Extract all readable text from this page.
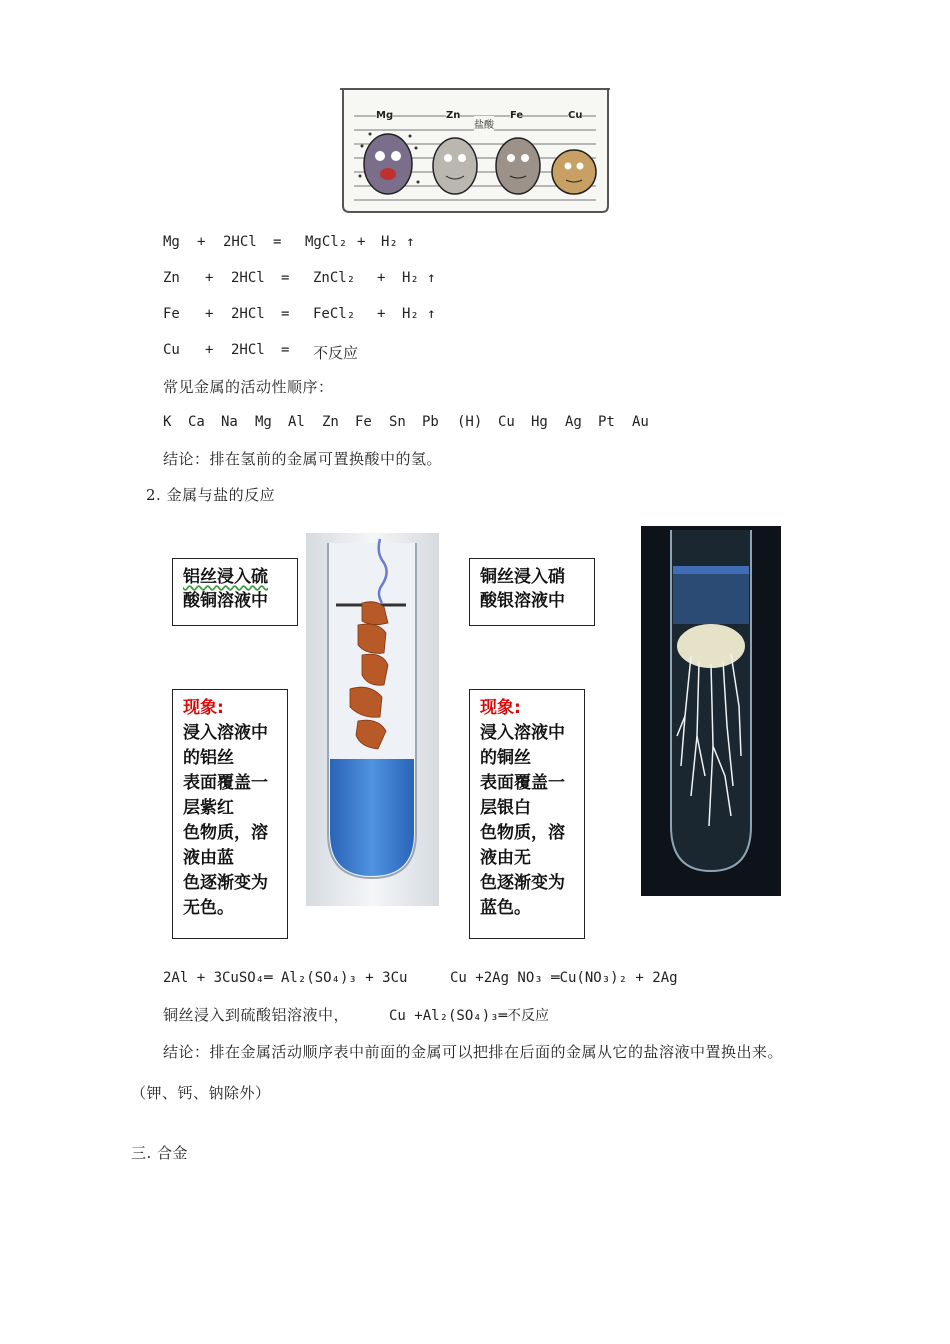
Mg	Zn
盐酸
Fe	Cu
Mg + 2HCl = MgCl₂ + H₂ ↑
Zn + 2HCl = ZnCl₂ + H₂ ↑
Fe + 2HCl = FeCl₂ + H₂ ↑
Cu + 2HCl = 不反应
常见金属的活动性顺序：
K Ca Na Mg Al Zn Fe Sn Pb (H) Cu Hg Ag Pt Au
结论：排在氢前的金属可置换酸中的氢。
2. 金属与盐的反应
铝丝浸入硫
酸铜溶液中
现象:
浸入溶液中
的铝丝
表面覆盖一
层紫红
色物质，溶
液由蓝
色逐渐变为
无色。
铜丝浸入硝
酸银溶液中
现象:
浸入溶液中
的铜丝
表面覆盖一
层银白
色物质，溶
液由无
色逐渐变为
蓝色。
2Al + 3CuSO₄═ Al₂(SO₄)₃ + 3Cu	Cu +2Ag NO₃ ═Cu(NO₃)₂ + 2Ag
铜丝浸入到硫酸铝溶液中，	Cu +Al₂(SO₄)₃═不反应
结论：排在金属活动顺序表中前面的金属可以把排在后面的金属从它的盐溶液中置换出来。
（钾、钙、钠除外）
三. 合金
